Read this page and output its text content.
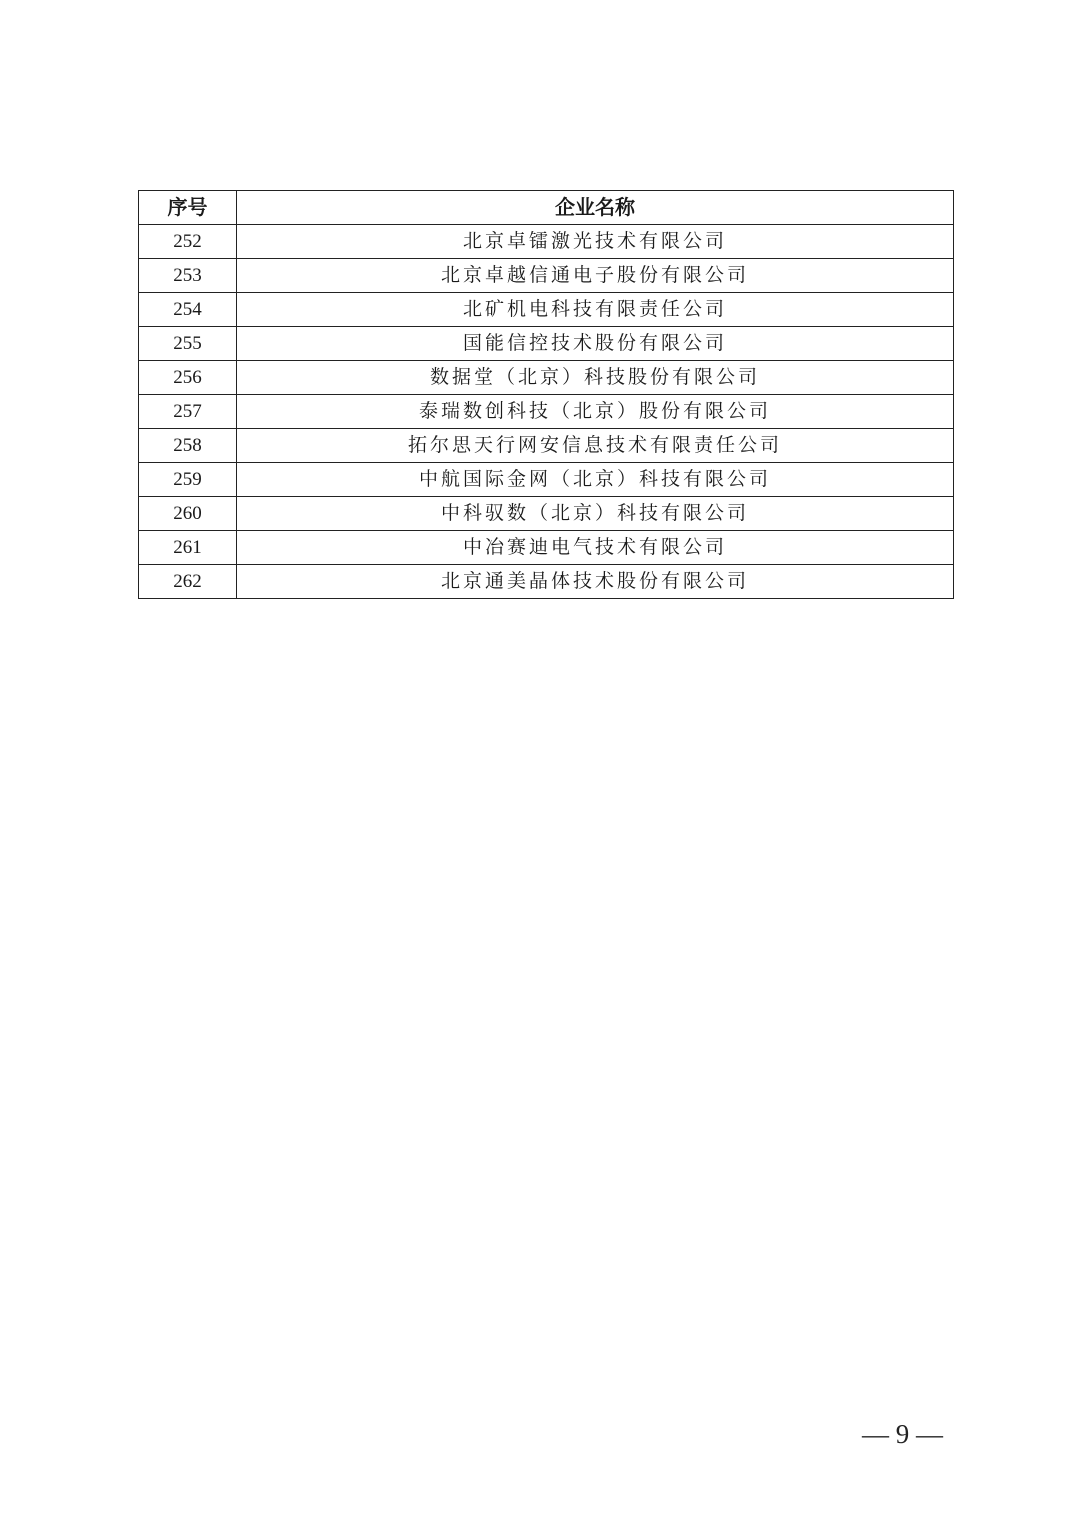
序号	企业名称
252	北京卓镭激光技术有限公司
253	北京卓越信通电子股份有限公司
254	北矿机电科技有限责任公司
255	国能信控技术股份有限公司
256	数据堂（北京）科技股份有限公司
257	泰瑞数创科技（北京）股份有限公司
258	拓尔思天行网安信息技术有限责任公司
259	中航国际金网（北京）科技有限公司
260	中科驭数（北京）科技有限公司
261	中冶赛迪电气技术有限公司
262	北京通美晶体技术股份有限公司
— 9 —
